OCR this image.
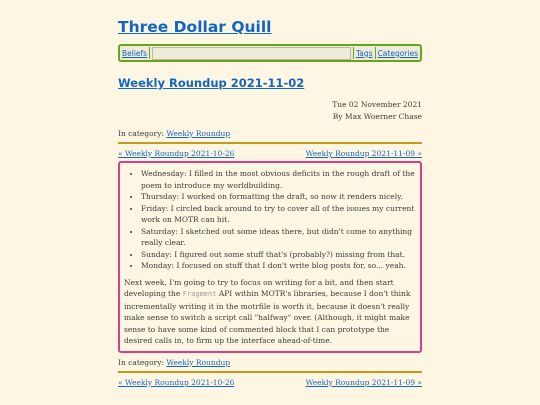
Three Dollar Quill
Beliefs	Tags Categories
Weekly Roundup 2021-11-02
Tue 02 November 2021
By Max Woerner Chase
In category: Weekly Roundup
« Weekly Roundup 2021-10-26	Weekly Roundup 2021-11-09 »
• Wednesday: I filled in the most obvious deficits in the rough draft of the poem to introduce my worldbuilding.
• Thursday: I worked on formatting the draft, so now it renders nicely.
• Friday: I circled back around to try to cover all of the issues my current work on MOTR can hit.
• Saturday: I sketched out some ideas there, but didn't come to anything really clear.
• Sunday: I figured out some stuff that's (probably?) missing from that.
• Monday: I focused on stuff that I don't write blog posts for, so... yeah.

Next week, I'm going to try to focus on writing for a bit, and then start developing the Fragment API within MOTR's libraries, because I don't think incrementally writing it in the motrfile is worth it, because it doesn't really make sense to switch a script call "halfway" over. (Although, it might make sense to have some kind of commented block that I can prototype the desired calls in, to firm up the interface ahead-of-time.

In category: Weekly Roundup
« Weekly Roundup 2021-10-26	Weekly Roundup 2021-11-09 »
